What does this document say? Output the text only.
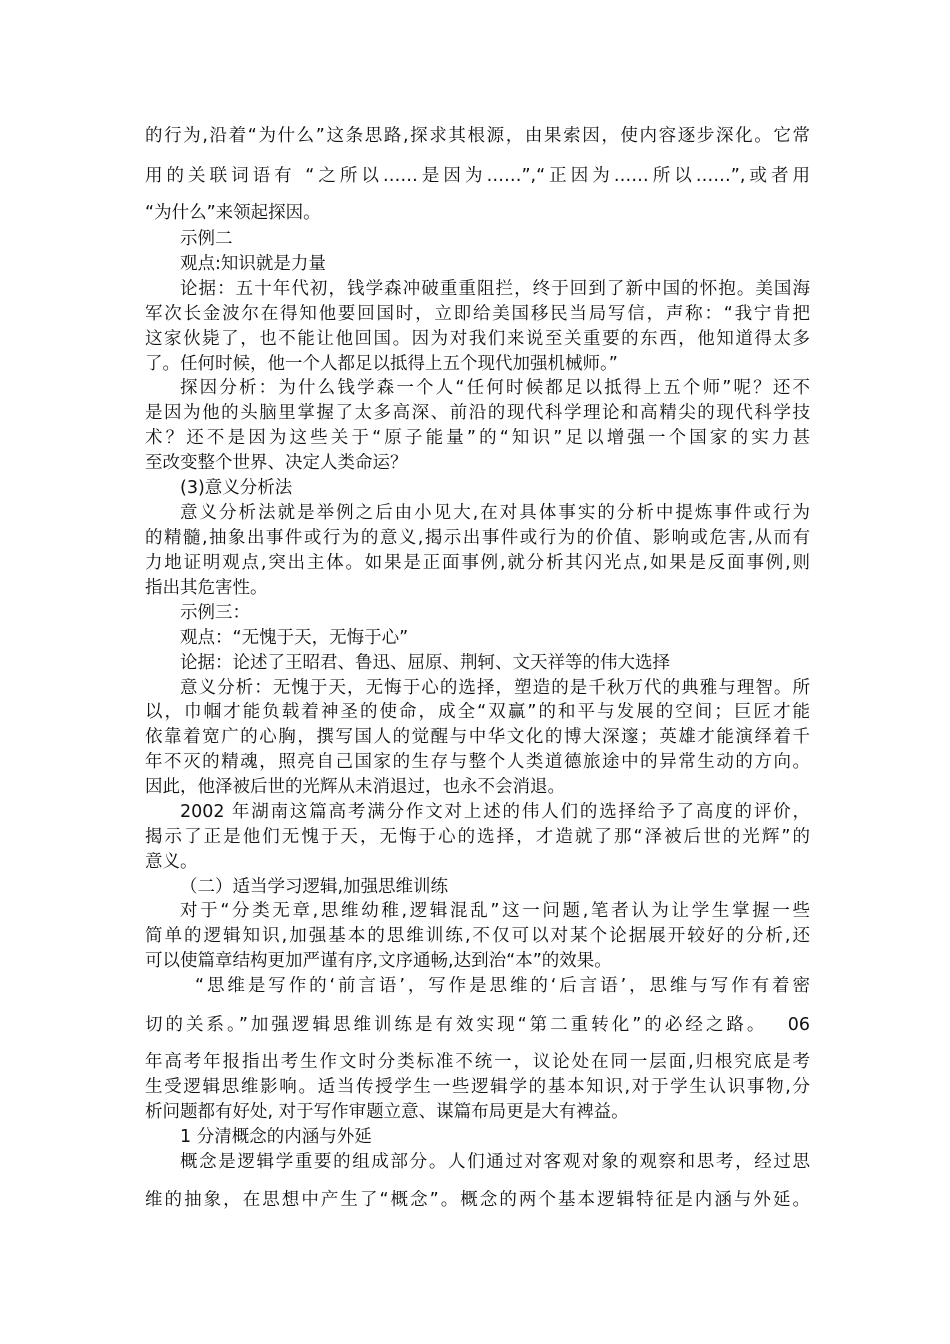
的行为,沿着“为什么”这条思路,探求其根源，由果索因，使内容逐步深化。它常
用的关联词语有 “之所以……是因为……”,“正因为……所以……”,或者用
“为什么”来领起探因。
示例二
观点:知识就是力量
论据：五十年代初，钱学森冲破重重阻拦，终于回到了新中国的怀抱。美国海
军次长金波尔在得知他要回国时，立即给美国移民当局写信，声称：“我宁肯把
这家伙毙了，也不能让他回国。因为对我们来说至关重要的东西，他知道得太多
了。任何时候，他一个人都足以抵得上五个现代加强机械师。”
探因分析：为什么钱学森一个人“任何时候都足以抵得上五个师”呢？还不
是因为他的头脑里掌握了太多高深、前沿的现代科学理论和高精尖的现代科学技
术？还不是因为这些关于“原子能量”的“知识”足以增强一个国家的实力甚
至改变整个世界、决定人类命运？
(3)意义分析法
意义分析法就是举例之后由小见大,在对具体事实的分析中提炼事件或行为
的精髓,抽象出事件或行为的意义,揭示出事件或行为的价值、影响或危害,从而有
力地证明观点,突出主体。如果是正面事例,就分析其闪光点,如果是反面事例,则
指出其危害性。
示例三：
观点：“无愧于天，无悔于心”
论据：论述了王昭君、鲁迅、屈原、荆轲、文天祥等的伟大选择
意义分析：无愧于天，无悔于心的选择，塑造的是千秋万代的典雅与理智。所
以，巾帼才能负载着神圣的使命，成全“双赢”的和平与发展的空间；巨匠才能
依靠着宽广的心胸，撰写国人的觉醒与中华文化的博大深邃；英雄才能演绎着千
年不灭的精魂，照亮自己国家的生存与整个人类道德旅途中的异常生动的方向。
因此，他泽被后世的光辉从未消退过，也永不会消退。
2002 年湖南这篇高考满分作文对上述的伟人们的选择给予了高度的评价，
揭示了正是他们无愧于天，无悔于心的选择，才造就了那“泽被后世的光辉”的
意义。
（二）适当学习逻辑,加强思维训练
对于“分类无章,思维幼稚,逻辑混乱”这一问题,笔者认为让学生掌握一些
简单的逻辑知识,加强基本的思维训练,不仅可以对某个论据展开较好的分析,还
可以使篇章结构更加严谨有序,文序通畅,达到治“本”的效果。
“思维是写作的‘前言语’，写作是思维的‘后言语’，思维与写作有着密
切的关系。”加强逻辑思维训练是有效实现“第二重转化”的必经之路。　 06
年高考年报指出考生作文时分类标准不统一，议论处在同一层面,归根究底是考
生受逻辑思维影响。适当传授学生一些逻辑学的基本知识,对于学生认识事物,分
析问题都有好处, 对于写作审题立意、谋篇布局更是大有裨益。
1 分清概念的内涵与外延
概念是逻辑学重要的组成部分。人们通过对客观对象的观察和思考，经过思
维的抽象，在思想中产生了“概念”。概念的两个基本逻辑特征是内涵与外延。
